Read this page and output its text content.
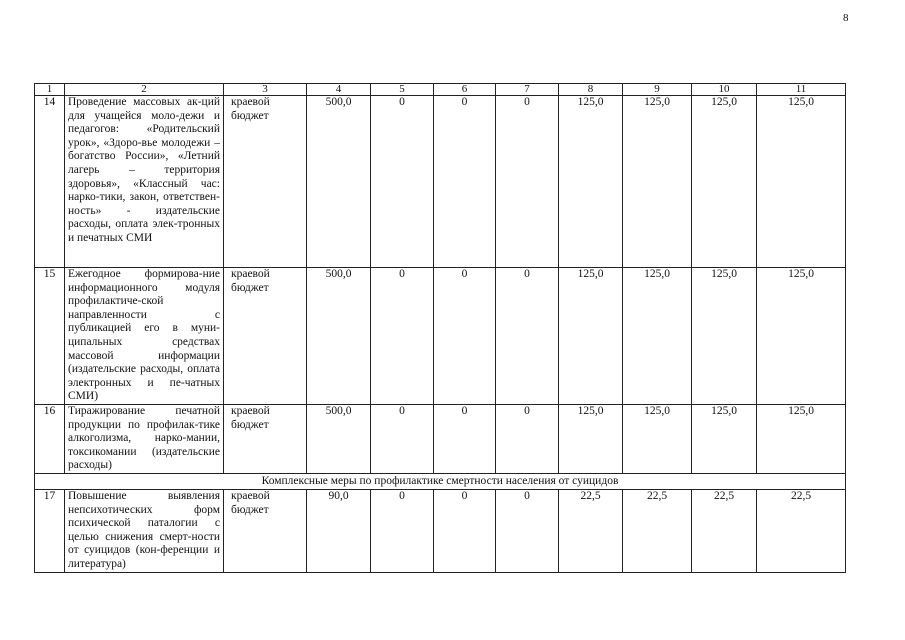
8
1	2	3	4	5	6	7	8	9	10	11
14	Проведение массовых ак-ций для учащейся моло-дежи и педагогов: «Родительский урок», «Здоро-вье молодежи – богатство России», «Летний лагерь – территория здоровья», «Классный час: нарко-тики, закон, ответствен-ность» - издательские расходы, оплата элек-тронных и печатных СМИ	краевой бюджет	500,0	0	0	0	125,0	125,0	125,0	125,0
15	Ежегодное формирова-ние информационного модуля профилактиче-ской направленности с публикацией его в муни-ципальных средствах массовой информации (издательские расходы, оплата электронных и пе-чатных СМИ)	краевой бюджет	500,0	0	0	0	125,0	125,0	125,0	125,0
16	Тиражирование печатной продукции по профилак-тике алкоголизма, нарко-мании, токсикомании (издательские расходы)	краевой бюджет	500,0	0	0	0	125,0	125,0	125,0	125,0
Комплексные меры по профилактике смертности населения от суицидов										
17	Повышение выявления непсихотических форм психической паталогии с целью снижения смерт-ности от суицидов (кон-ференции и литература)	краевой бюджет	90,0	0	0	0	22,5	22,5	22,5	22,5
